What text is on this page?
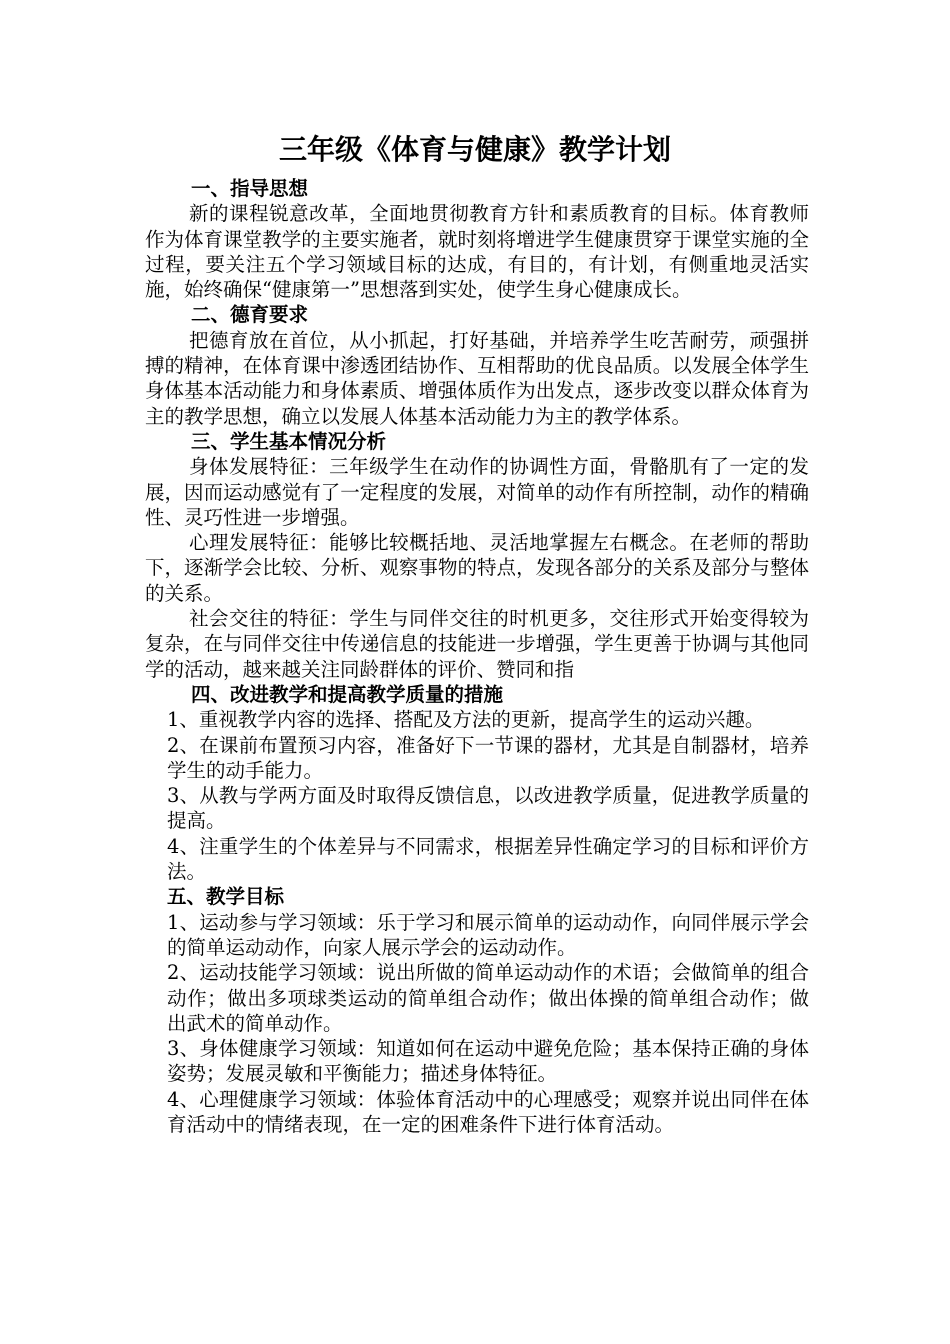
三年级《体育与健康》教学计划

一、指导思想

新的课程锐意改革，全面地贯彻教育方针和素质教育的目标。体育教师作为体育课堂教学的主要实施者，就时刻将增进学生健康贯穿于课堂实施的全过程，要关注五个学习领域目标的达成，有目的，有计划，有侧重地灵活实施，始终确保“健康第一”思想落到实处，使学生身心健康成长。

二、德育要求

把德育放在首位，从小抓起，打好基础，并培养学生吃苦耐劳，顽强拼搏的精神，在体育课中渗透团结协作、互相帮助的优良品质。以发展全体学生身体基本活动能力和身体素质、增强体质作为出发点，逐步改变以群众体育为主的教学思想，确立以发展人体基本活动能力为主的教学体系。

三、学生基本情况分析

身体发展特征：三年级学生在动作的协调性方面，骨骼肌有了一定的发展，因而运动感觉有了一定程度的发展，对简单的动作有所控制，动作的精确性、灵巧性进一步增强。

心理发展特征：能够比较概括地、灵活地掌握左右概念。在老师的帮助下，逐渐学会比较、分析、观察事物的特点，发现各部分的关系及部分与整体的关系。

社会交往的特征：学生与同伴交往的时机更多，交往形式开始变得较为复杂，在与同伴交往中传递信息的技能进一步增强，学生更善于协调与其他同学的活动，越来越关注同龄群体的评价、赞同和指

四、改进教学和提高教学质量的措施

1、重视教学内容的选择、搭配及方法的更新，提高学生的运动兴趣。

2、在课前布置预习内容，准备好下一节课的器材，尤其是自制器材，培养学生的动手能力。

3、从教与学两方面及时取得反馈信息，以改进教学质量，促进教学质量的提高。

4、注重学生的个体差异与不同需求，根据差异性确定学习的目标和评价方法。

五、教学目标

1、运动参与学习领域：乐于学习和展示简单的运动动作，向同伴展示学会的简单运动动作，向家人展示学会的运动动作。

2、运动技能学习领域：说出所做的简单运动动作的术语；会做简单的组合动作；做出多项球类运动的简单组合动作；做出体操的简单组合动作；做出武术的简单动作。

3、身体健康学习领域：知道如何在运动中避免危险；基本保持正确的身体姿势；发展灵敏和平衡能力；描述身体特征。

4、心理健康学习领域：体验体育活动中的心理感受；观察并说出同伴在体育活动中的情绪表现，在一定的困难条件下进行体育活动。
